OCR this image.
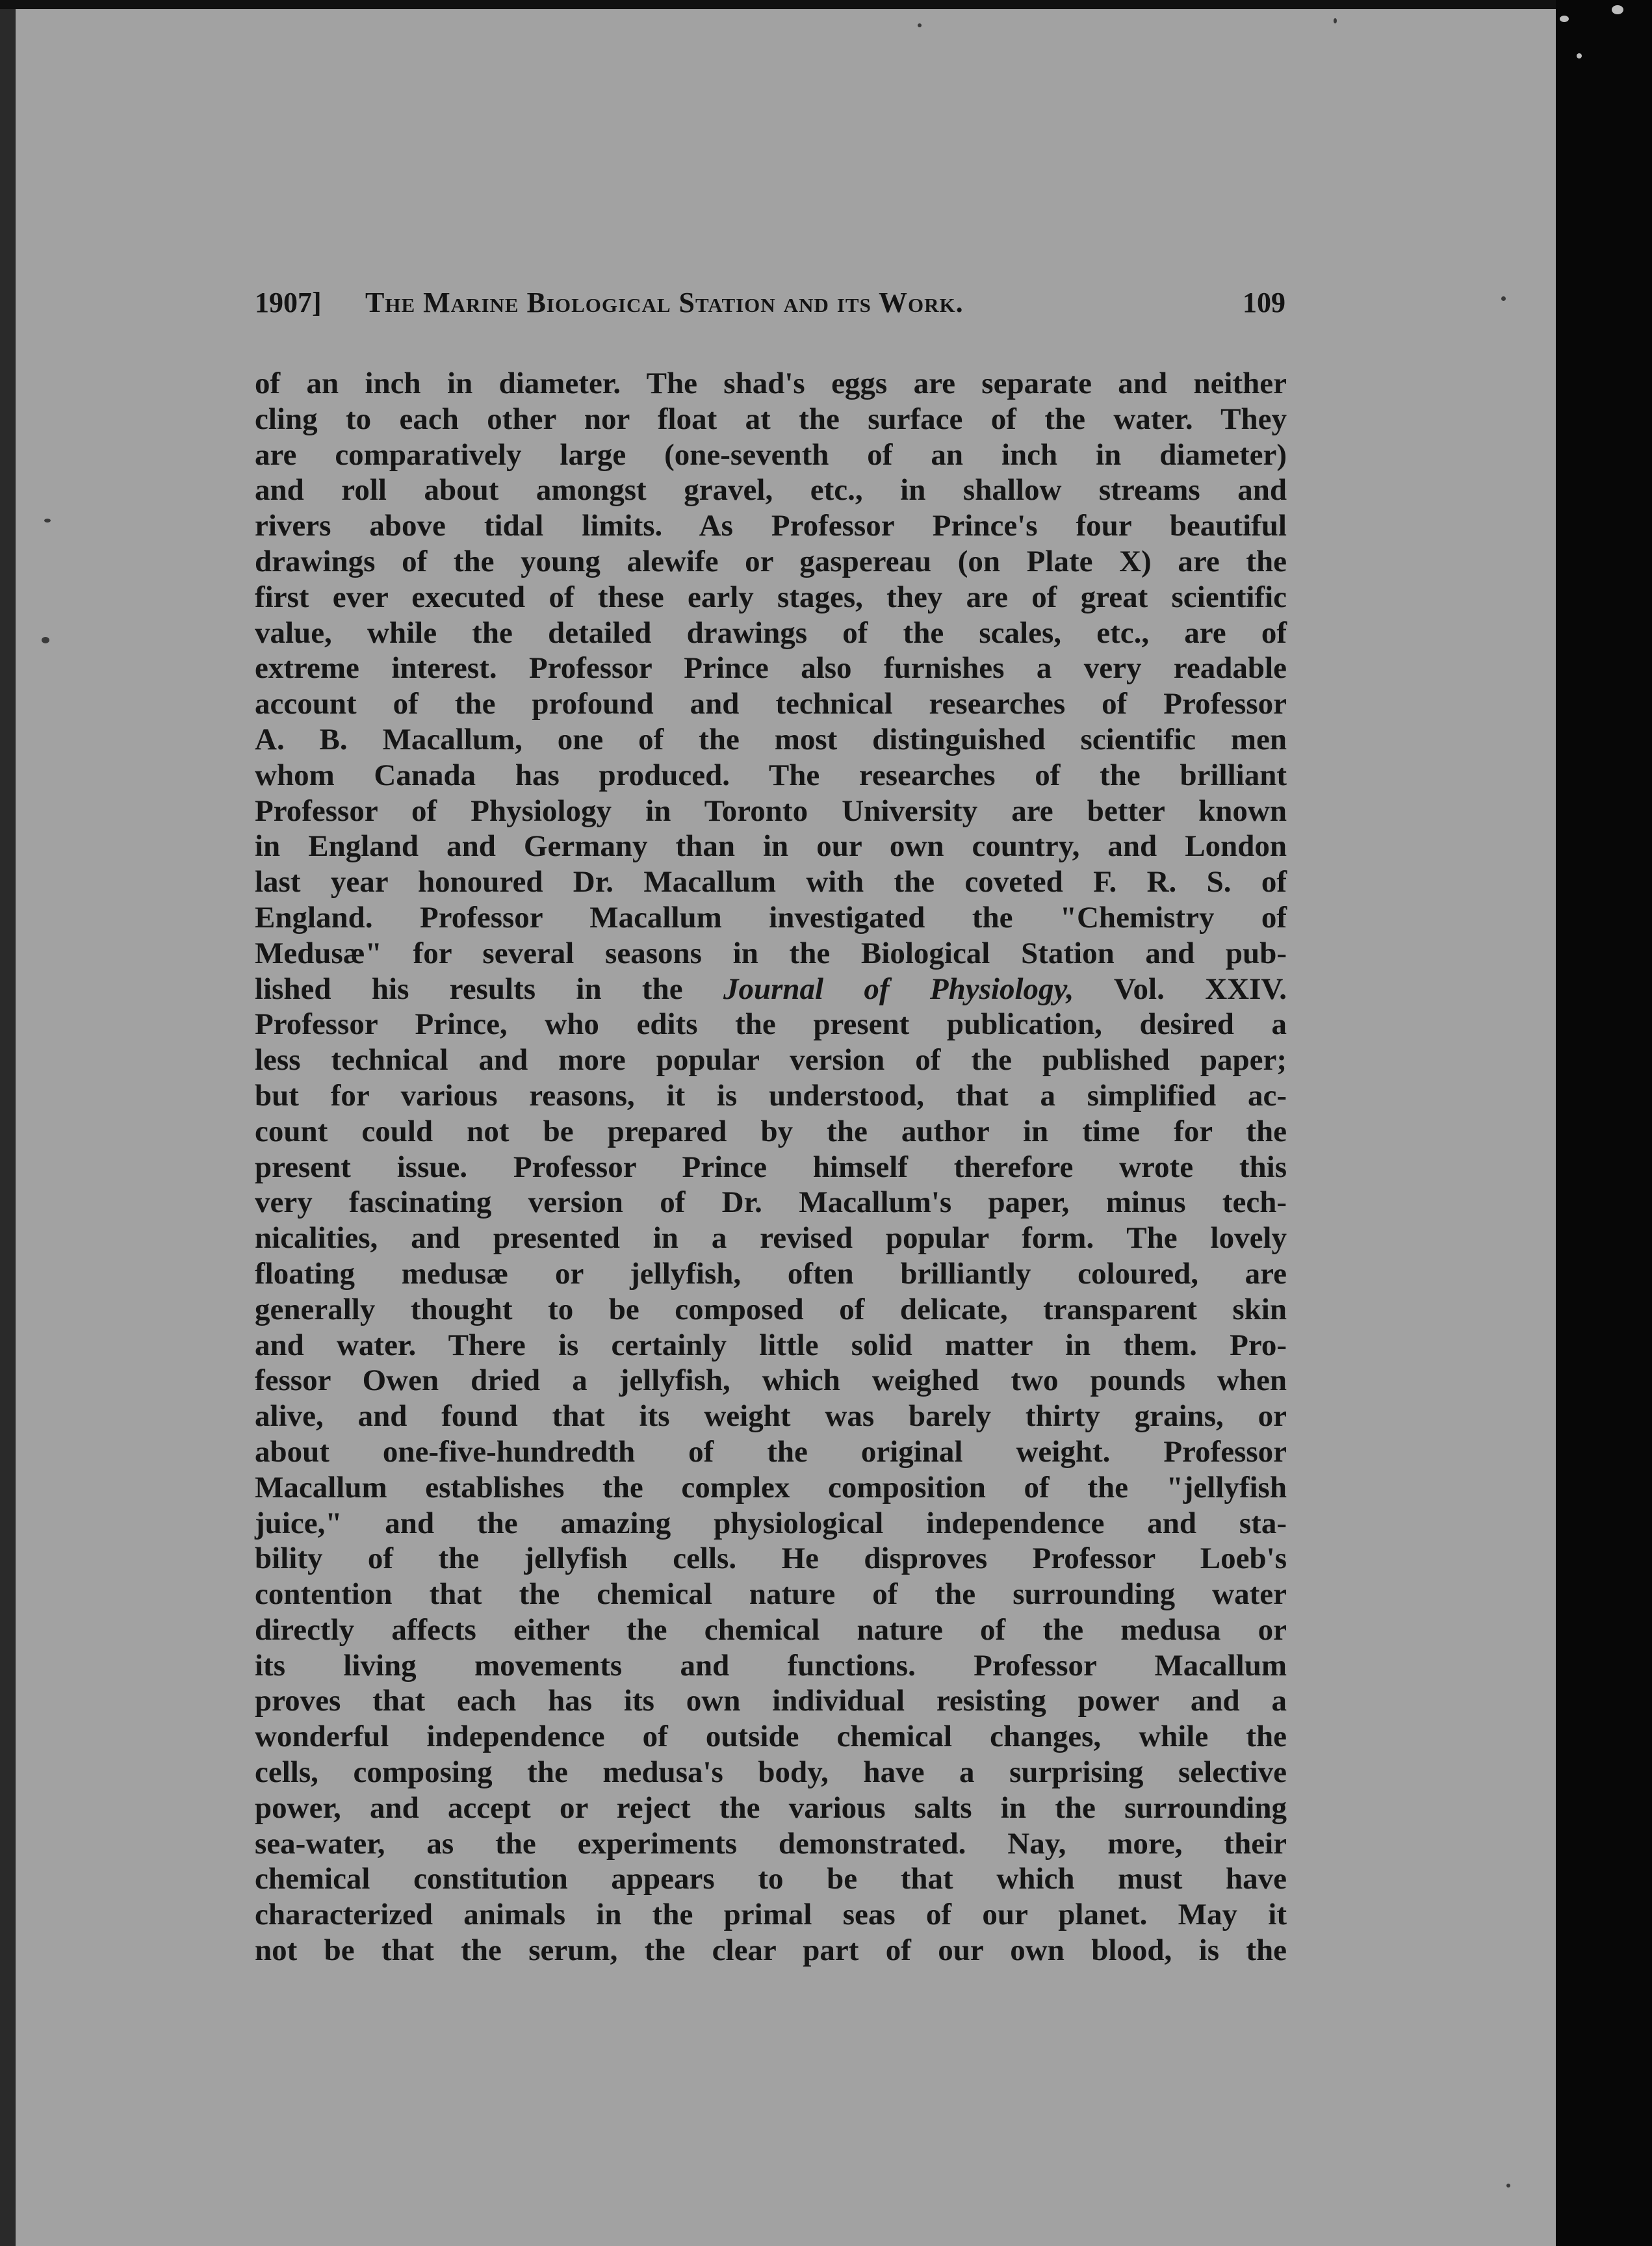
1907] The Marine Biological Station and its Work.	109
of an inch in diameter. The shad's eggs are separate and neither
cling to each other nor float at the surface of the water. They
are comparatively large (one-seventh of an inch in diameter)
and roll about amongst gravel, etc., in shallow streams and
rivers above tidal limits. As Professor Prince's four beautiful
drawings of the young alewife or gaspereau (on Plate X) are the
first ever executed of these early stages, they are of great scientific
value, while the detailed drawings of the scales, etc., are of
extreme interest. Professor Prince also furnishes a very readable
account of the profound and technical researches of Professor
A. B. Macallum, one of the most distinguished scientific men
whom Canada has produced. The researches of the brilliant
Professor of Physiology in Toronto University are better known
in England and Germany than in our own country, and London
last year honoured Dr. Macallum with the coveted F. R. S. of
England. Professor Macallum investigated the "Chemistry of
Medusæ" for several seasons in the Biological Station and pub-
lished his results in the Journal of Physiology, Vol. XXIV.
Professor Prince, who edits the present publication, desired a
less technical and more popular version of the published paper;
but for various reasons, it is understood, that a simplified ac-
count could not be prepared by the author in time for the
present issue. Professor Prince himself therefore wrote this
very fascinating version of Dr. Macallum's paper, minus tech-
nicalities, and presented in a revised popular form. The lovely
floating medusæ or jellyfish, often brilliantly coloured, are
generally thought to be composed of delicate, transparent skin
and water. There is certainly little solid matter in them. Pro-
fessor Owen dried a jellyfish, which weighed two pounds when
alive, and found that its weight was barely thirty grains, or
about one-five-hundredth of the original weight. Professor
Macallum establishes the complex composition of the "jellyfish
juice," and the amazing physiological independence and sta-
bility of the jellyfish cells. He disproves Professor Loeb's
contention that the chemical nature of the surrounding water
directly affects either the chemical nature of the medusa or
its living movements and functions. Professor Macallum
proves that each has its own individual resisting power and a
wonderful independence of outside chemical changes, while the
cells, composing the medusa's body, have a surprising selective
power, and accept or reject the various salts in the surrounding
sea-water, as the experiments demonstrated. Nay, more, their
chemical constitution appears to be that which must have
characterized animals in the primal seas of our planet. May it
not be that the serum, the clear part of our own blood, is the
